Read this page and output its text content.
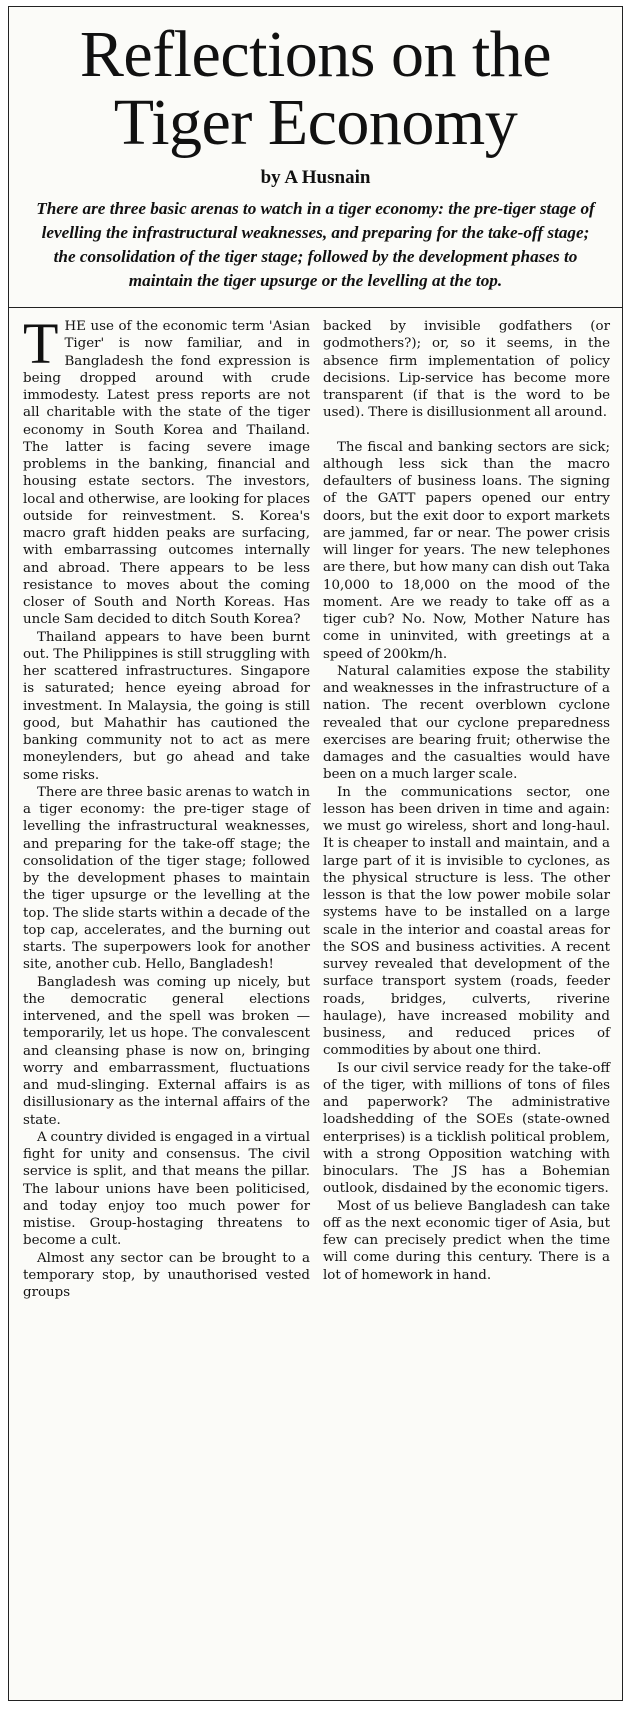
Reflections on the
Tiger Economy
by A Husnain
There are three basic arenas to watch in a tiger economy: the pre-tiger stage of levelling the infrastructural weaknesses, and preparing for the take-off stage; the consolidation of the tiger stage; followed by the development phases to maintain the tiger upsurge or the levelling at the top.

THE use of the economic term 'Asian Tiger' is now familiar, and in Bangladesh the fond expression is being dropped around with crude immodesty. Latest press reports are not all charitable with the state of the tiger economy in South Korea and Thailand. The latter is facing severe image problems in the banking, financial and housing estate sectors. The investors, local and otherwise, are looking for places outside for reinvestment. S. Korea's macro graft hidden peaks are surfacing, with embarrassing outcomes internally and abroad. There appears to be less resistance to moves about the coming closer of South and North Koreas. Has uncle Sam decided to ditch South Korea?

Thailand appears to have been burnt out. The Philippines is still struggling with her scattered infrastructures. Singapore is saturated; hence eyeing abroad for investment. In Malaysia, the going is still good, but Mahathir has cautioned the banking community not to act as mere moneylenders, but go ahead and take some risks.

There are three basic arenas to watch in a tiger economy: the pre-tiger stage of levelling the infrastructural weaknesses, and preparing for the take-off stage; the consolidation of the tiger stage; followed by the development phases to maintain the tiger upsurge or the levelling at the top. The slide starts within a decade of the top cap, accelerates, and the burning out starts. The superpowers look for another site, another cub. Hello, Bangladesh!

Bangladesh was coming up nicely, but the democratic general elections intervened, and the spell was broken — temporarily, let us hope. The convalescent and cleansing phase is now on, bringing worry and embarrassment, fluctuations and mud-slinging. External affairs is as disillusionary as the internal affairs of the state.

A country divided is engaged in a virtual fight for unity and consensus. The civil service is split, and that means the pillar. The labour unions have been politicised, and today enjoy too much power for mistise. Group-hostaging threatens to become a cult.

Almost any sector can be brought to a temporary stop, by unauthorised vested groups

backed by invisible godfathers (or godmothers?); or, so it seems, in the absence firm implementation of policy decisions. Lip-service has become more transparent (if that is the word to be used). There is disillusionment all around.

The fiscal and banking sectors are sick; although less sick than the macro defaulters of business loans. The signing of the GATT papers opened our entry doors, but the exit door to export markets are jammed, far or near. The power crisis will linger for years. The new telephones are there, but how many can dish out Taka 10,000 to 18,000 on the mood of the moment. Are we ready to take off as a tiger cub? No. Now, Mother Nature has come in uninvited, with greetings at a speed of 200km/h.

Natural calamities expose the stability and weaknesses in the infrastructure of a nation. The recent overblown cyclone revealed that our cyclone preparedness exercises are bearing fruit; otherwise the damages and the casualties would have been on a much larger scale.

In the communications sector, one lesson has been driven in time and again: we must go wireless, short and long-haul. It is cheaper to install and maintain, and a large part of it is invisible to cyclones, as the physical structure is less. The other lesson is that the low power mobile solar systems have to be installed on a large scale in the interior and coastal areas for the SOS and business activities. A recent survey revealed that development of the surface transport system (roads, feeder roads, bridges, culverts, riverine haulage), have increased mobility and business, and reduced prices of commodities by about one third.

Is our civil service ready for the take-off of the tiger, with millions of tons of files and paperwork? The administrative loadshedding of the SOEs (state-owned enterprises) is a ticklish political problem, with a strong Opposition watching with binoculars. The JS has a Bohemian outlook, disdained by the economic tigers.

Most of us believe Bangladesh can take off as the next economic tiger of Asia, but few can precisely predict when the time will come during this century. There is a lot of homework in hand.
